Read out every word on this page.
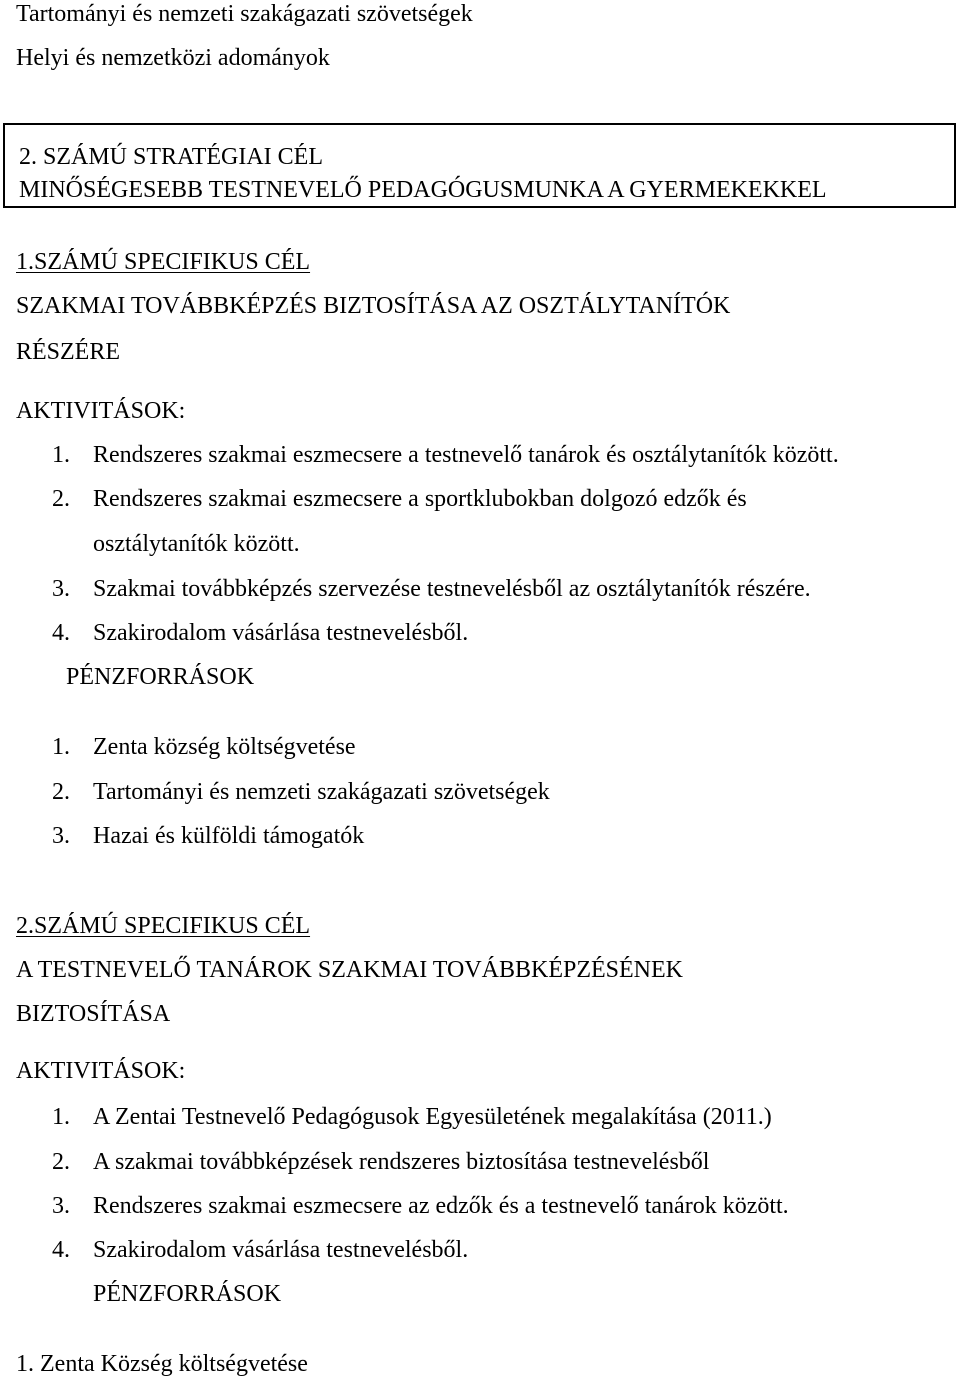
Tartományi és nemzeti szakágazati szövetségek
Helyi és nemzetközi adományok
2. SZÁMÚ STRATÉGIAI CÉL
MINŐSÉGESEBB TESTNEVELŐ PEDAGÓGUSMUNKA A GYERMEKEKKEL
1.SZÁMÚ SPECIFIKUS CÉL
SZAKMAI TOVÁBBKÉPZÉS BIZTOSÍTÁSA AZ OSZTÁLYTANÍTÓK
RÉSZÉRE
AKTIVITÁSOK:
1. Rendszeres szakmai eszmecsere a testnevelő tanárok és osztálytanítók között.
2. Rendszeres szakmai eszmecsere a sportklubokban dolgozó edzők és
osztálytanítók között.
3. Szakmai továbbképzés szervezése testnevelésből az osztálytanítók részére.
4. Szakirodalom vásárlása testnevelésből.
PÉNZFORRÁSOK
1. Zenta község költségvetése
2. Tartományi és nemzeti szakágazati szövetségek
3. Hazai és külföldi támogatók
2.SZÁMÚ SPECIFIKUS CÉL
A TESTNEVELŐ TANÁROK SZAKMAI TOVÁBBKÉPZÉSÉNEK
BIZTOSÍTÁSA
AKTIVITÁSOK:
1. A Zentai Testnevelő Pedagógusok Egyesületének megalakítása (2011.)
2. A szakmai továbbképzések rendszeres biztosítása testnevelésből
3. Rendszeres szakmai eszmecsere az edzők és a testnevelő tanárok között.
4. Szakirodalom vásárlása testnevelésből.
PÉNZFORRÁSOK
1. Zenta Község költségvetése
